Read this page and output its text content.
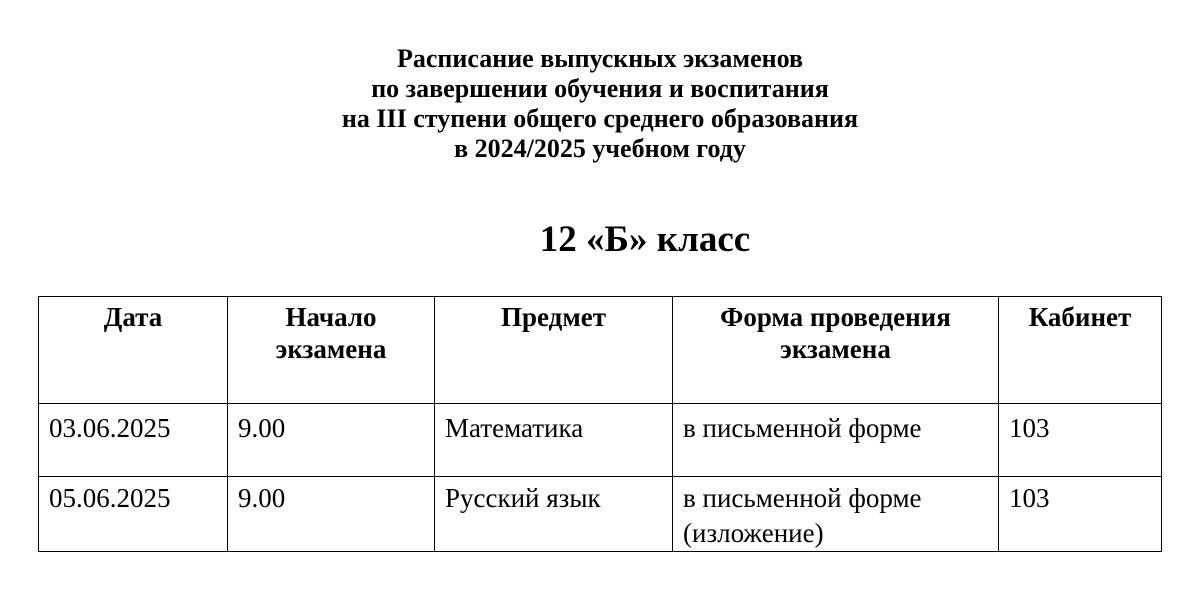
Расписание выпускных экзаменов
по завершении обучения и воспитания
на III ступени общего среднего образования
в 2024/2025 учебном году
12 «Б» класс
Дата	Начало экзамена	Предмет	Форма проведения экзамена	Кабинет
03.06.2025	9.00	Математика	в письменной форме	103
05.06.2025	9.00	Русский язык	в письменной форме (изложение)	103
